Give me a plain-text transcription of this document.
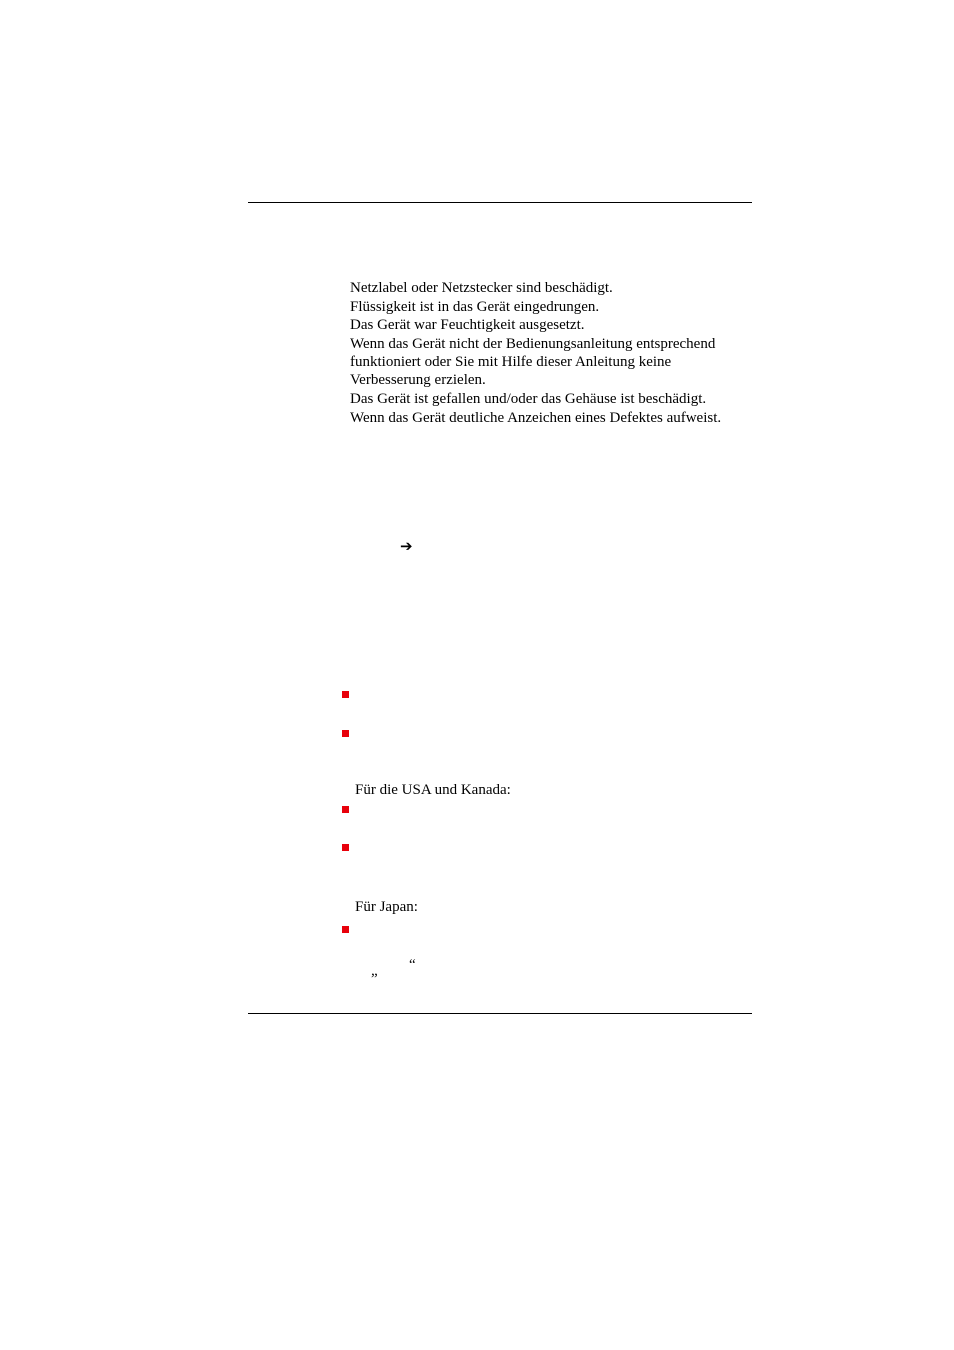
Netzlabel oder Netzstecker sind beschädigt.
Flüssigkeit ist in das Gerät eingedrungen.
Das Gerät war Feuchtigkeit ausgesetzt.
Wenn das Gerät nicht der Bedienungsanleitung entsprechend
funktioniert oder Sie mit Hilfe dieser Anleitung keine
Verbesserung erzielen.
Das Gerät ist gefallen und/oder das Gehäuse ist beschädigt.
Wenn das Gerät deutliche Anzeichen eines Defektes aufweist.
➔
Für die USA und Kanada:
Für Japan:
“
„
